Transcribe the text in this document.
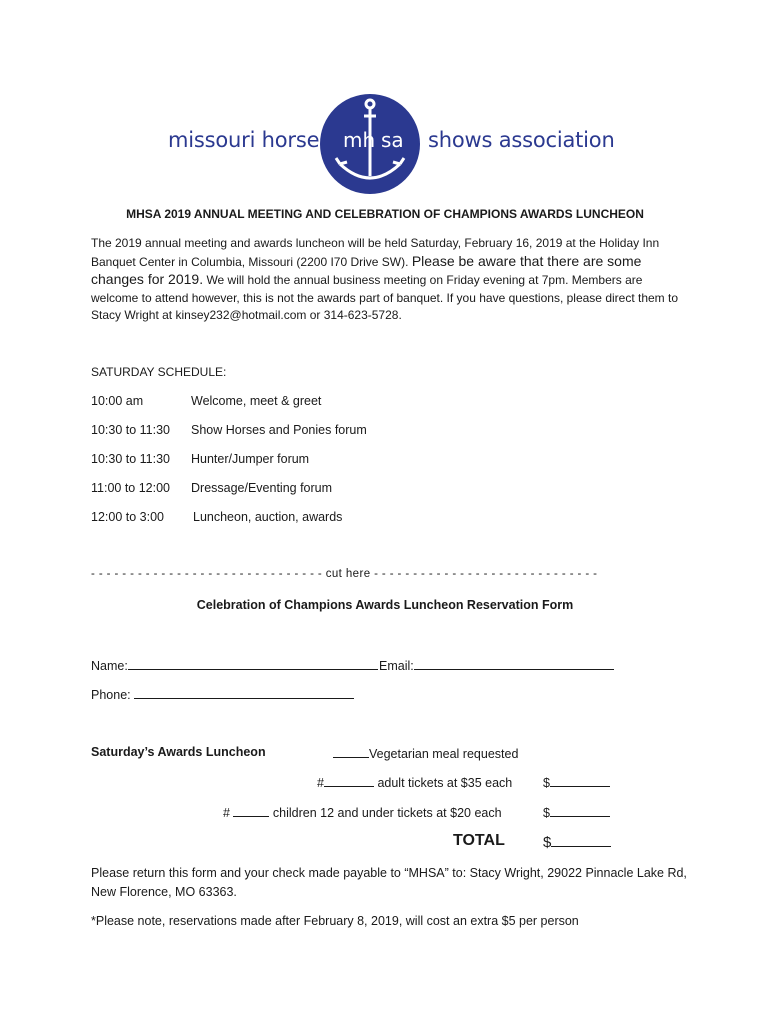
missouri horse mh sa shows association
MHSA 2019 ANNUAL MEETING AND CELEBRATION OF CHAMPIONS AWARDS LUNCHEON
The 2019 annual meeting and awards luncheon will be held Saturday, February 16, 2019 at the Holiday Inn Banquet Center in Columbia, Missouri (2200 I70 Drive SW). Please be aware that there are some changes for 2019. We will hold the annual business meeting on Friday evening at 7pm. Members are welcome to attend however, this is not the awards part of banquet. If you have questions, please direct them to Stacy Wright at kinsey232@hotmail.com or 314-623-5728.
SATURDAY SCHEDULE:
10:00 am	Welcome, meet & greet
10:30 to 11:30 Show Horses and Ponies forum
10:30 to 11:30 Hunter/Jumper forum
11:00 to 12:00 Dressage/Eventing forum
12:00 to 3:00 Luncheon, auction, awards
- - - - - - - - - - - - - - - - - - - - - - - - - - - - - - cut here - - - - - - - - - - - - - - - - - - - - - - - - - - - - -
Celebration of Champions Awards Luncheon Reservation Form
Name:	Email:
Phone:
Saturday’s Awards Luncheon	Vegetarian meal requested
#	adult tickets at $35 each $
#	children 12 and under tickets at $20 each	$
TOTAL	$
Please return this form and your check made payable to “MHSA” to: Stacy Wright, 29022 Pinnacle Lake Rd, New Florence, MO 63363.
*Please note, reservations made after February 8, 2019, will cost an extra $5 per person
